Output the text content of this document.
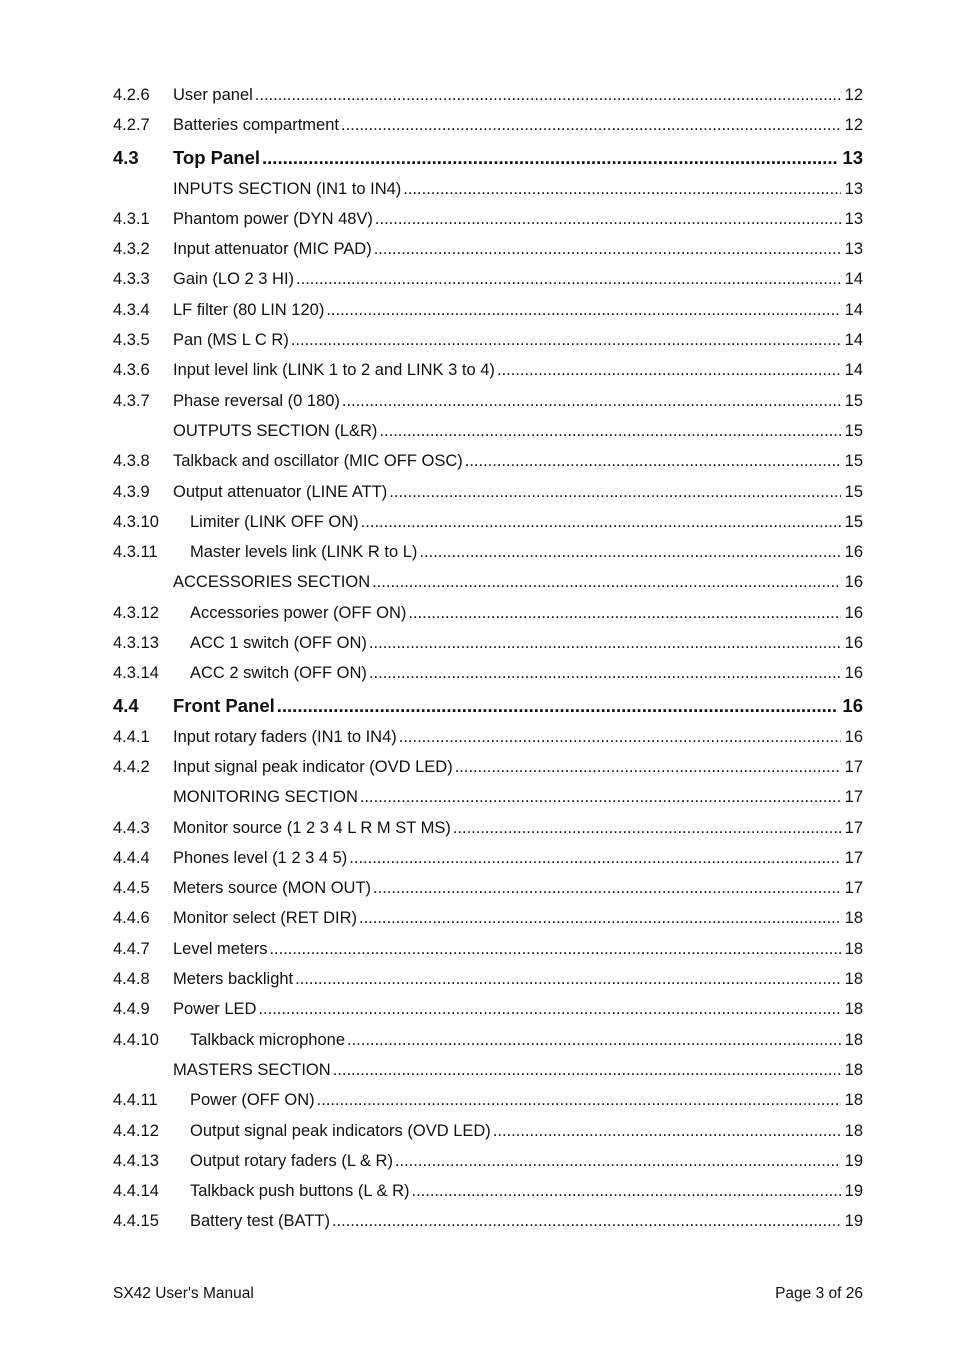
4.2.6	User panel .....	12
4.2.7	Batteries compartment .....	12
4.3	Top Panel .....	13
INPUTS SECTION (IN1 to IN4) .....	13
4.3.1	Phantom power (DYN 48V) .....	13
4.3.2	Input attenuator (MIC PAD) .....	13
4.3.3	Gain (LO 2 3 HI) .....	14
4.3.4	LF filter (80 LIN 120) .....	14
4.3.5	Pan (MS L C R) .....	14
4.3.6	Input level link (LINK 1 to 2 and LINK 3 to 4) .....	14
4.3.7	Phase reversal (0 180) .....	15
OUTPUTS SECTION (L&R) .....	15
4.3.8	Talkback and oscillator (MIC OFF OSC) .....	15
4.3.9	Output attenuator (LINE ATT) .....	15
4.3.10	Limiter (LINK OFF ON) .....	15
4.3.11	Master levels link (LINK R to L) .....	16
ACCESSORIES SECTION .....	16
4.3.12	Accessories power (OFF ON) .....	16
4.3.13	ACC 1 switch (OFF ON) .....	16
4.3.14	ACC 2 switch (OFF ON) .....	16
4.4	Front Panel .....	16
4.4.1	Input rotary faders (IN1 to IN4) .....	16
4.4.2	Input signal peak indicator (OVD LED) .....	17
MONITORING SECTION .....	17
4.4.3	Monitor source (1 2 3 4 L R M ST MS) .....	17
4.4.4	Phones level (1 2 3 4 5) .....	17
4.4.5	Meters source (MON OUT) .....	17
4.4.6	Monitor select (RET DIR) .....	18
4.4.7	Level meters .....	18
4.4.8	Meters backlight .....	18
4.4.9	Power LED .....	18
4.4.10	Talkback microphone .....	18
MASTERS SECTION .....	18
4.4.11	Power (OFF ON) .....	18
4.4.12	Output signal peak indicators (OVD LED) .....	18
4.4.13	Output rotary faders (L & R) .....	19
4.4.14	Talkback push buttons (L & R) .....	19
4.4.15	Battery test (BATT) .....	19
SX42 User's Manual	Page 3 of 26
